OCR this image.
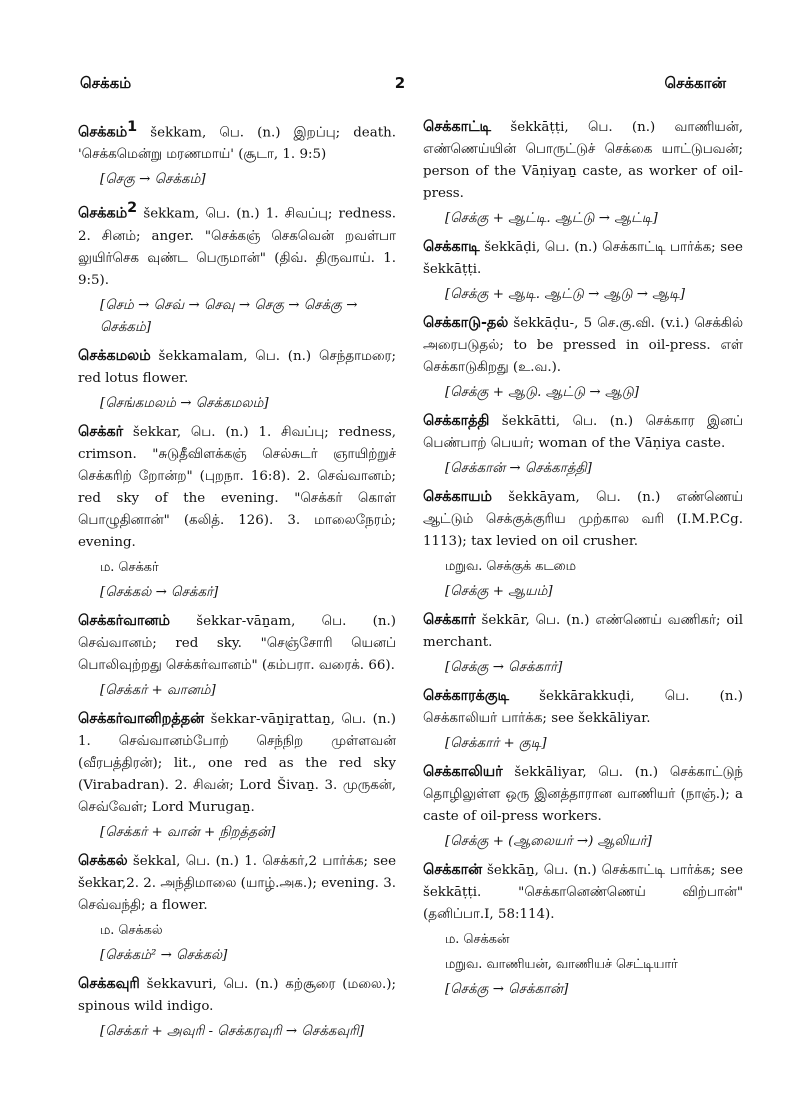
செக்கம்	2	செக்கான்

செக்கம்$^1$ šekkam, பெ. (n.) இறப்பு; death. 'செக்கமென்று மரணமாய்' (சூடா, 1. 9:5)

[செகு → செக்கம்]

செக்கம்$^2$ šekkam, பெ. (n.) 1. சிவப்பு; redness. 2. சினம்; anger. "செக்கஞ் செகவென் றவள்பா லுயிர்செக வுண்ட பெருமான்" (திவ். திருவாய். 1. 9:5).

[செம் → செவ் → செவு → செகு → செக்கு → செக்கம்]

செக்கமலம் šekkamalam, பெ. (n.) செந்தாமரை; red lotus flower.

[செங்கமலம் → செக்கமலம்]

செக்கர் šekkar, பெ. (n.) 1. சிவப்பு; redness, crimson. "சுடுதீவிளக்கஞ் செல்சுடர் ஞாயிற்றுச் செக்கரிற் றோன்ற" (புறநா. 16:8). 2. செவ்வானம்; red sky of the evening. "செக்கர் கொள் பொழுதினான்" (கலித். 126). 3. மாலைநேரம்; evening.

ம. செக்கர்
[செக்கல் → செக்கர்]

செக்கர்வானம் šekkar-vāṉam, பெ. (n.) செவ்வானம்; red sky. "செஞ்சோரி யெனப் பொலிவுற்றது செக்கர்வானம்" (கம்பரா. வரைக். 66).

[செக்கர் + வானம்]

செக்கர்வானிறத்தன் šekkar-vāṉiṟattaṉ, பெ. (n.) 1. செவ்வானம்போற் செந்நிற முள்ளவன் (வீரபத்திரன்); lit., one red as the red sky (Virabadran). 2. சிவன்; Lord Šivaṉ. 3. முருகன், செவ்வேள்; Lord Murugaṉ.

[செக்கர் + வான் + நிறத்தன்]

செக்கல் šekkal, பெ. (n.) 1. செக்கர்,2 பார்க்க; see šekkar,2. 2. அந்திமாலை (யாழ்.அக.); evening. 3. செவ்வந்தி; a flower.

ம. செக்கல்
[செக்கம்² → செக்கல்]

செக்கவுரி šekkavuri, பெ. (n.) கற்சூரை (மலை.); spinous wild indigo.

[செக்கர் + அவுரி - செக்கரவுரி → செக்கவுரி]

செக்காட்டி šekkāṭṭi, பெ. (n.) வாணியன், எண்ணெய்யின் பொருட்டுச் செக்கை யாட்டுபவன்; person of the Vāṇiyaṉ caste, as worker of oil-press.

[செக்கு + ஆட்டி. ஆட்டு → ஆட்டி]

செக்காடி šekkāḍi, பெ. (n.) செக்காட்டி பார்க்க; see šekkāṭṭi.

[செக்கு + ஆடி. ஆட்டு → ஆடு → ஆடி]

செக்காடு-தல் šekkāḍu-, 5 செ.கு.வி. (v.i.) செக்கில் அரைபடுதல்; to be pressed in oil-press. எள் செக்காடுகிறது (உ.வ.).

[செக்கு + ஆடு. ஆட்டு → ஆடு]

செக்காத்தி šekkātti, பெ. (n.) செக்கார இனப் பெண்பாற் பெயர்; woman of the Vāṇiya caste.

[செக்கான் → செக்காத்தி]

செக்காயம் šekkāyam, பெ. (n.) எண்ணெய் ஆட்டும் செக்குக்குரிய முற்கால வரி (I.M.P.Cg. 1113); tax levied on oil crusher.

மறுவ. செக்குக் கடமை
[செக்கு + ஆயம்]

செக்கார் šekkār, பெ. (n.) எண்ணெய் வணிகர்; oil merchant.

[செக்கு → செக்கார்]

செக்காரக்குடி šekkārakkuḍi, பெ. (n.) செக்காலியர் பார்க்க; see šekkāliyar.

[செக்கார் + குடி]

செக்காலியர் šekkāliyar, பெ. (n.) செக்காட்டுந் தொழிலுள்ள ஒரு இனத்தாரான வாணியர் (நாஞ்.); a caste of oil-press workers.

[செக்கு + (ஆலையர் →) ஆலியர்]

செக்கான் šekkāṉ, பெ. (n.) செக்காட்டி பார்க்க; see šekkāṭṭi. "செக்கானெண்ணெய் விற்பான்" (தனிப்பா.I, 58:114).

ம. செக்கன்
மறுவ. வாணியன், வாணியச் செட்டியார்
[செக்கு → செக்கான்]
